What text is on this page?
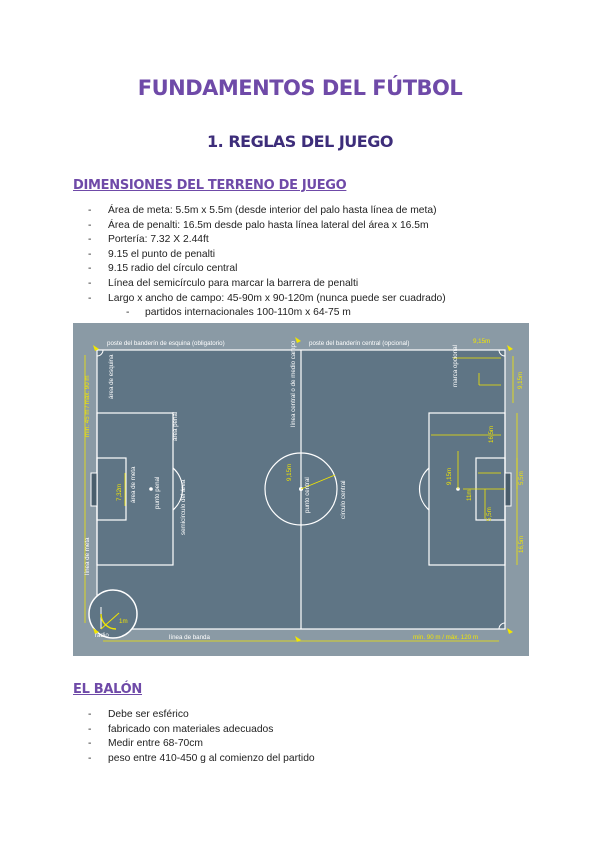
FUNDAMENTOS DEL FÚTBOL
1. REGLAS DEL JUEGO
DIMENSIONES DEL TERRENO DE JUEGO
- Área de meta: 5.5m x 5.5m (desde interior del palo hasta línea de meta)
- Área de penalti: 16.5m desde palo hasta línea lateral del área x 16.5m
- Portería: 7.32 X 2.44ft
- 9.15 el punto de penalti
- 9.15 radio del círculo central
- Línea del semicírculo para marcar la barrera de penalti
- Largo x ancho de campo: 45-90m x 90-120m (nunca puede ser cuadrado)
- partidos internacionales 100-110m x 64-75 m
poste del banderín de esquina (obligatorio)	poste del banderín central (opcional)	9,15m
9,15m
marca opcional
mín. 45 m / máx. 90 m	área de esquina
área penal
área de meta
7,32m	punto penal	semicírculo del área
línea de meta
línea central o de medio campo
9,15m
punto central	círculo central
16,5m
5,5m
16,5m
9,15m
11m
5,5m
radio
1m
línea de banda	mín. 90 m / máx. 120 m
EL BALÓN
- Debe ser esférico
- fabricado con materiales adecuados
- Medir entre 68-70cm
- peso entre 410-450 g al comienzo del partido
